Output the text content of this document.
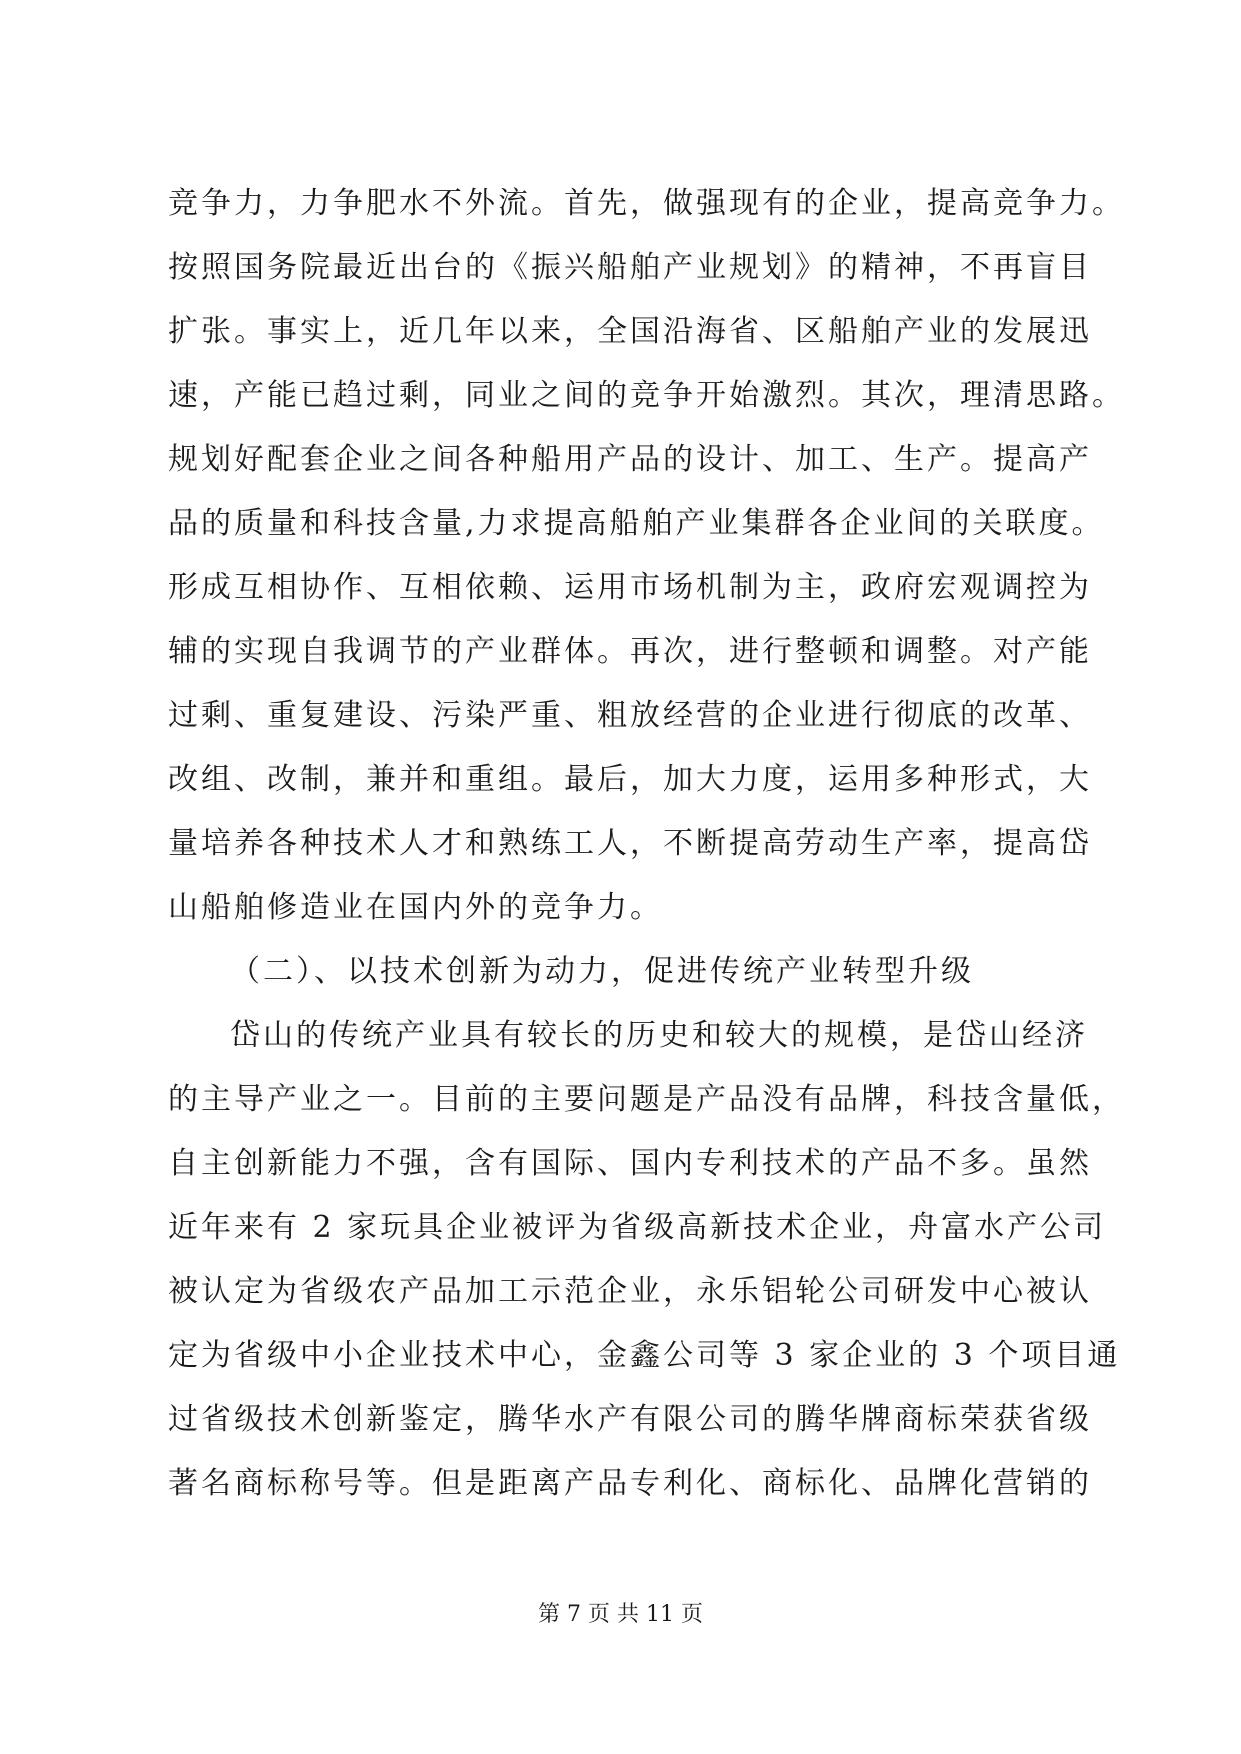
竞争力，力争肥水不外流。首先，做强现有的企业，提高竞争力。
按照国务院最近出台的《振兴船舶产业规划》的精神，不再盲目
扩张。事实上，近几年以来，全国沿海省、区船舶产业的发展迅
速，产能已趋过剩，同业之间的竞争开始激烈。其次，理清思路。
规划好配套企业之间各种船用产品的设计、加工、生产。提高产
品的质量和科技含量,力求提高船舶产业集群各企业间的关联度。
形成互相协作、互相依赖、运用市场机制为主，政府宏观调控为
辅的实现自我调节的产业群体。再次，进行整顿和调整。对产能
过剩、重复建设、污染严重、粗放经营的企业进行彻底的改革、
改组、改制，兼并和重组。最后，加大力度，运用多种形式，大
量培养各种技术人才和熟练工人，不断提高劳动生产率，提高岱
山船舶修造业在国内外的竞争力。
（二）、以技术创新为动力，促进传统产业转型升级
岱山的传统产业具有较长的历史和较大的规模，是岱山经济
的主导产业之一。目前的主要问题是产品没有品牌，科技含量低，
自主创新能力不强，含有国际、国内专利技术的产品不多。虽然
近年来有 2 家玩具企业被评为省级高新技术企业，舟富水产公司
被认定为省级农产品加工示范企业，永乐铝轮公司研发中心被认
定为省级中小企业技术中心，金鑫公司等 3 家企业的 3 个项目通
过省级技术创新鉴定，腾华水产有限公司的腾华牌商标荣获省级
著名商标称号等。但是距离产品专利化、商标化、品牌化营销的
第 7 页 共 11 页
